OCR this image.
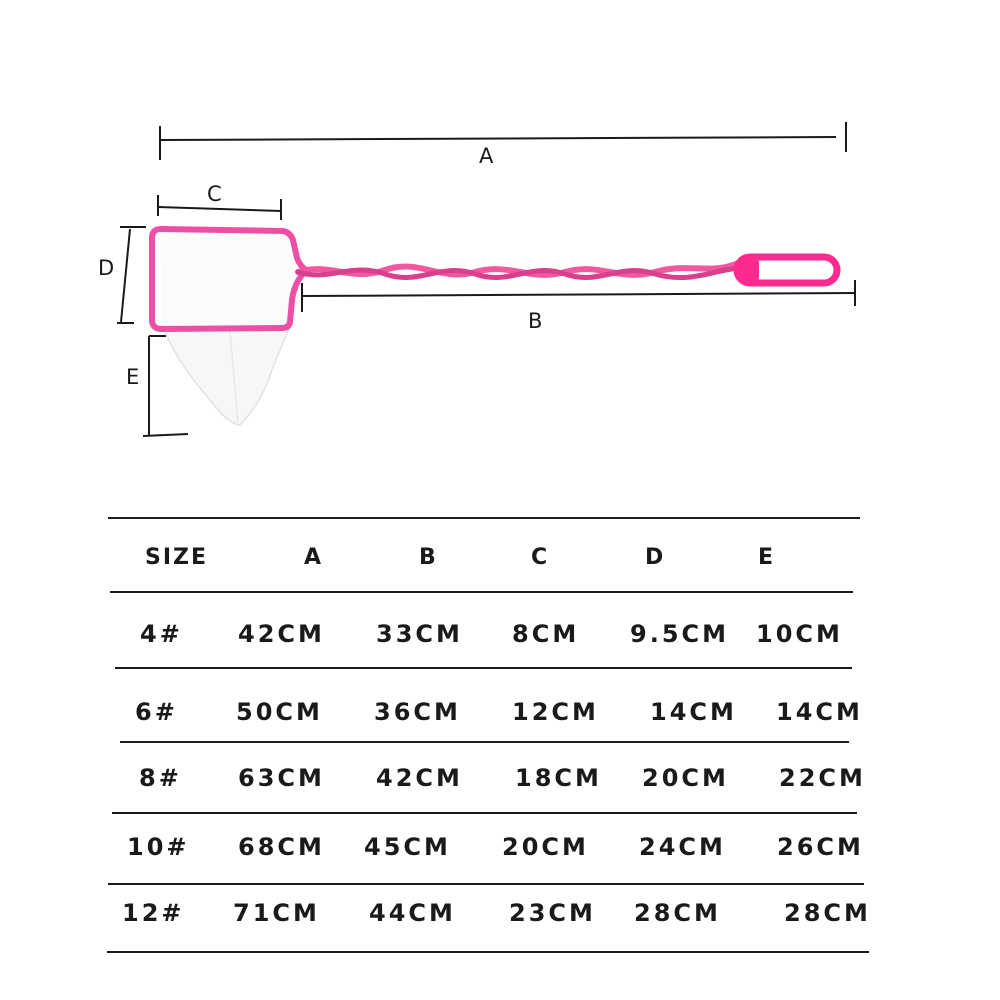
A
C
D
E
B
SIZE	A	B	C	D	E
4# 42CM 33CM 8CM 9.5CM 10CM
6# 50CM 36CM 12CM 14CM 14CM
8# 63CM 42CM 18CM 20CM 22CM
10# 68CM 45CM 20CM 24CM 26CM
12# 71CM 44CM 23CM 28CM	28CM
